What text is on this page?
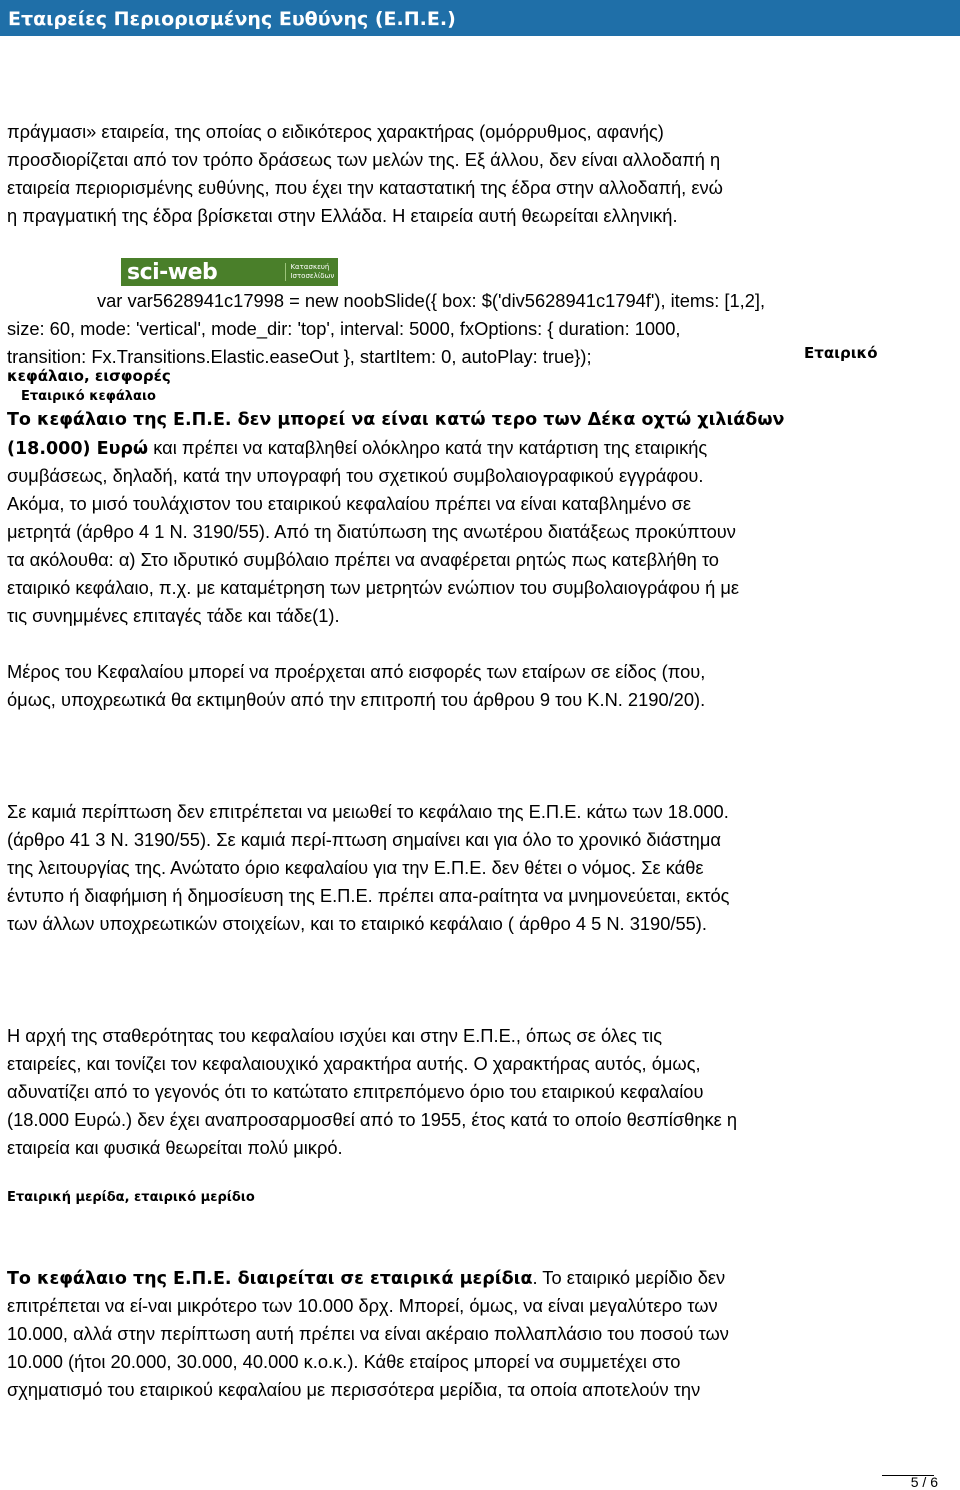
Εταιρείες Περιορισμένης Ευθύνης (Ε.Π.Ε.)
πράγμασι» εταιρεία, της οποίας ο ειδικότερος χαρακτήρας (ομόρρυθμος, αφανής)
προσδιορίζεται από τον τρόπο δράσεως των μελών της. Εξ άλλου, δεν είναι αλλοδαπή η
εταιρεία περιορισμένης ευθύνης, που έχει την καταστατική της έδρα στην αλλοδαπή, ενώ
η πραγματική της έδρα βρίσκεται στην Ελλάδα. Η εταιρεία αυτή θεωρείται ελληνική.
sci-web	Κατασκευή
Ιστοσελίδων
var var5628941c17998 = new noobSlide({ box: $('div5628941c1794f'), items: [1,2],
size: 60, mode: 'vertical', mode_dir: 'top', interval: 5000, fxOptions: { duration: 1000,
transition: Fx.Transitions.Elastic.easeOut }, startItem: 0, autoPlay: true});	Εταιρικό
κεφάλαιο, εισφορές
Εταιρικό κεφάλαιο
Το κεφάλαιο της Ε.Π.Ε. δεν μπορεί να είναι κατώ τερο των Δέκα οχτώ χιλιάδων
(18.000) Ευρώ και πρέπει να καταβληθεί ολόκληρο κατά την κατάρτιση της εταιρικής
συμβάσεως, δηλαδή, κατά την υπογραφή του σχετικού συμβολαιογραφικού εγγράφου.
Ακόμα, το μισό τουλάχιστον του εταιρικού κεφαλαίου πρέπει να είναι καταβλημένο σε
μετρητά (άρθρο 4 1 Ν. 3190/55). Από τη διατύπωση της ανωτέρου διατάξεως προκύπτουν
τα ακόλουθα: α) Στο ιδρυτικό συμβόλαιο πρέπει να αναφέρεται ρητώς πως κατεβλήθη το
εταιρικό κεφάλαιο, π.χ. με καταμέτρηση των μετρητών ενώπιον του συμβολαιογράφου ή με
τις συνημμένες επιταγές τάδε και τάδε(1).
Μέρος του Κεφαλαίου μπορεί να προέρχεται από εισφορές των εταίρων σε είδος (που,
όμως, υποχρεωτικά θα εκτιμηθούν από την επιτροπή του άρθρου 9 του Κ.Ν. 2190/20).
Σε καμιά περίπτωση δεν επιτρέπεται να μειωθεί το κεφάλαιο της Ε.Π.Ε. κάτω των 18.000.
(άρθρο 41 3 Ν. 3190/55). Σε καμιά περί-πτωση σημαίνει και για όλο το χρονικό διάστημα
της λειτουργίας της. Ανώτατο όριο κεφαλαίου για την Ε.Π.Ε. δεν θέτει ο νόμος. Σε κάθε
έντυπο ή διαφήμιση ή δημοσίευση της Ε.Π.Ε. πρέπει απα-ραίτητα να μνημονεύεται, εκτός
των άλλων υποχρεωτικών στοιχείων, και το εταιρικό κεφάλαιο ( άρθρο 4 5 Ν. 3190/55).
Η αρχή της σταθερότητας του κεφαλαίου ισχύει και στην Ε.Π.Ε., όπως σε όλες τις
εταιρείες, και τονίζει τον κεφαλαιουχικό χαρακτήρα αυτής. Ο χαρακτήρας αυτός, όμως,
αδυνατίζει από το γεγονός ότι το κατώτατο επιτρεπόμενο όριο του εταιρικού κεφαλαίου
(18.000 Ευρώ.) δεν έχει αναπροσαρμοσθεί από το 1955, έτος κατά το οποίο θεσπίσθηκε η
εταιρεία και φυσικά θεωρείται πολύ μικρό.
Εταιρική μερίδα, εταιρικό μερίδιο
Το κεφάλαιο της Ε.Π.Ε. διαιρείται σε εταιρικά μερίδια. Το εταιρικό μερίδιο δεν
επιτρέπεται να εί-ναι μικρότερο των 10.000 δρχ. Μπορεί, όμως, να είναι μεγαλύτερο των
10.000, αλλά στην περίπτωση αυτή πρέπει να είναι ακέραιο πολλαπλάσιο του ποσού των
10.000 (ήτοι 20.000, 30.000, 40.000 κ.ο.κ.). Κάθε εταίρος μπορεί να συμμετέχει στο
σχηματισμό του εταιρικού κεφαλαίου με περισσότερα μερίδια, τα οποία αποτελούν την
5 / 6
